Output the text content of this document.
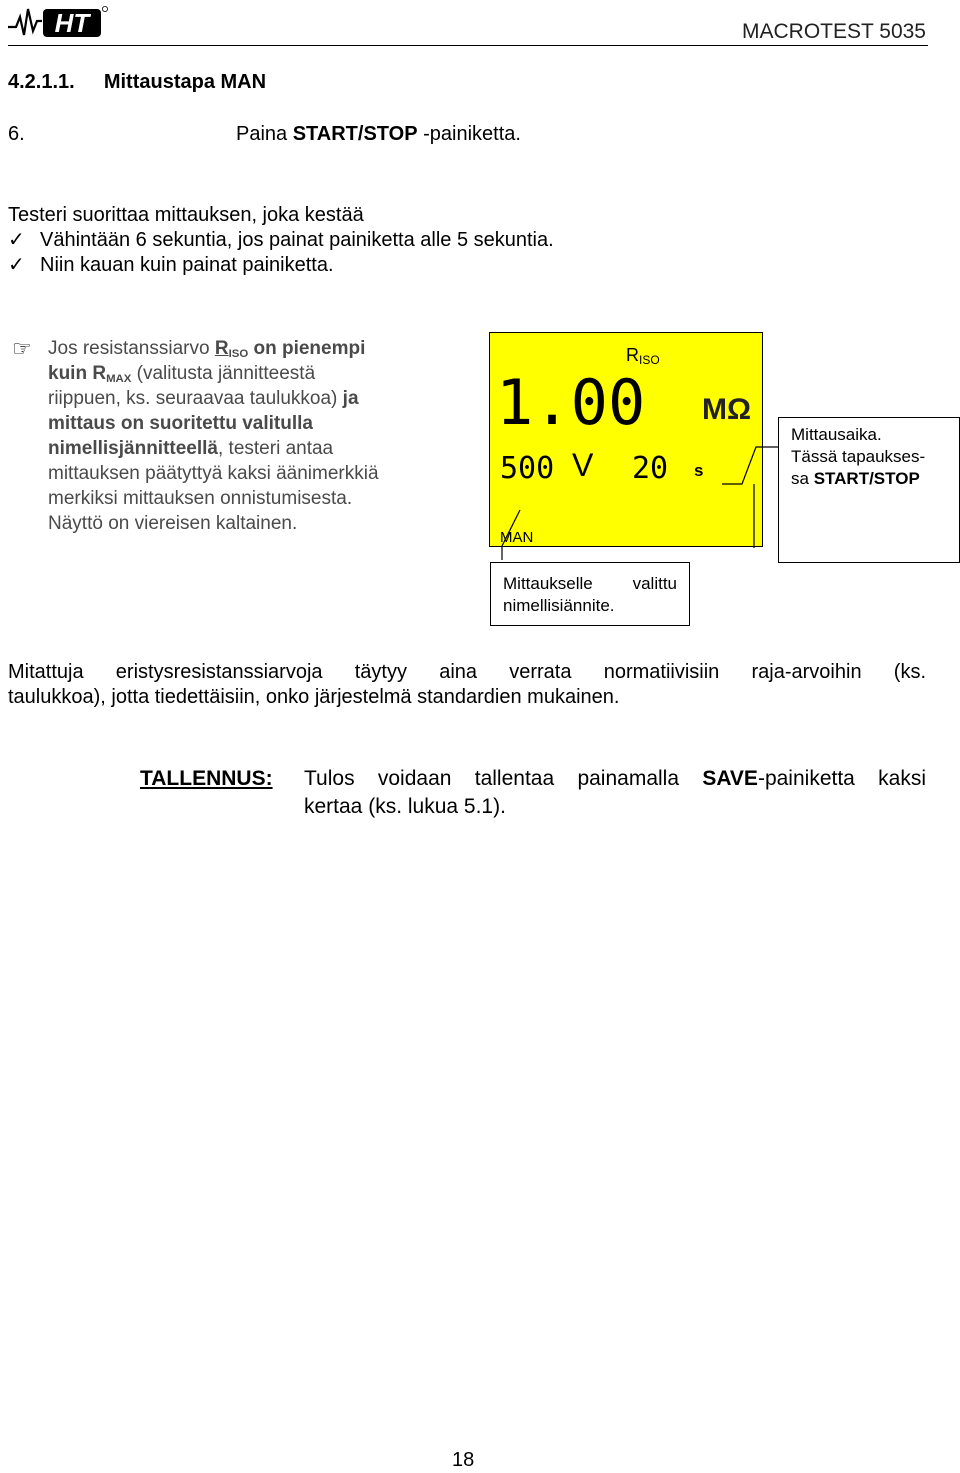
HT	MACROTEST 5035
4.2.1.1. Mittaustapa MAN
6.	Paina START/STOP -painiketta.
Testeri suorittaa mittauksen, joka kestää
✓ Vähintään 6 sekuntia, jos painat painiketta alle 5 sekuntia.
✓ Niin kauan kuin painat painiketta.
☞ Jos resistanssiarvo $R_{ISO}$ on pienempi
kuin $R_{MAX}$ (valitusta jännitteestä
riippuen, ks. seuraavaa taulukkoa) ja
mittaus on suoritettu valitulla
nimellisjännitteellä, testeri antaa
mittauksen päätyttyä kaksi äänimerkkiä
merkiksi mittauksen onnistumisesta.
Näyttö on viereisen kaltainen.
$R_{ISO}$
1.00 MΩ
500 V 20 s
MAN
Mittausaika.
Tässä tapaukses-
sa START/STOP
Mittaukselle valittu
nimellisiännite.
Mitattuja eristysresistanssiarvoja täytyy aina verrata normatiivisiin raja-arvoihin (ks.
taulukkoa), jotta tiedettäisiin, onko järjestelmä standardien mukainen.
TALLENNUS: Tulos voidaan tallentaa painamalla SAVE-painiketta kaksi
kertaa (ks. lukua 5.1).
18
